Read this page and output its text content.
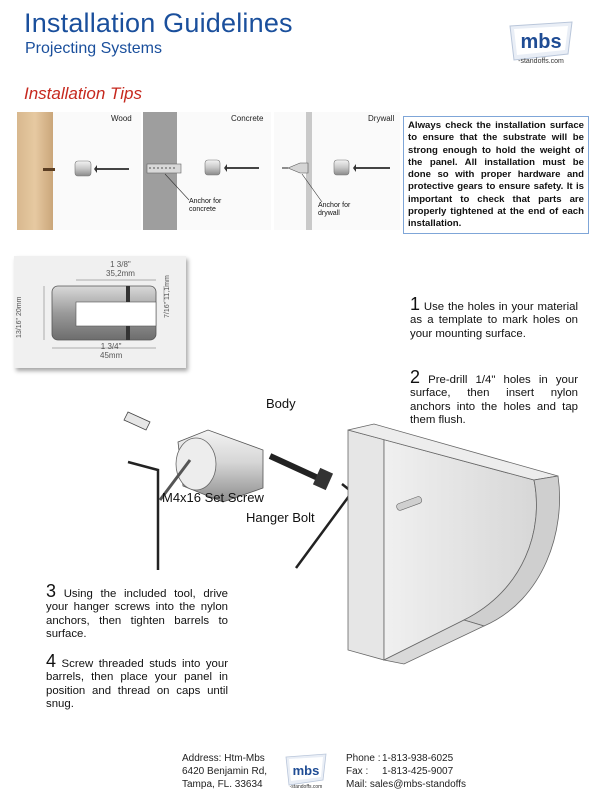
Installation Guidelines
Projecting Systems	mbs
-standoffs.com
Installation Tips
Wood	Concrete
Anchor for
concrete
Drywall
Anchor for
drywall
Always check the installation surface to ensure that the substrate will be strong enough to hold the weight of the panel. All installation must be done so with proper hardware and protective gears to ensure safety. It is important to check that parts are properly tightened at the end of each installation.
1 3/8"
35,2mm
1 3/4"
45mm
7/16" 11,1mm
13/16" 20mm	1 Use the holes in your material as a template to mark holes on your mounting surface.
2 Pre-drill 1/4" holes in your surface, then insert nylon anchors into the holes and tap them flush.
Body
M4x16 Set Screw
Hanger Bolt
3 Using the included tool, drive your hanger screws into the nylon anchors, then tighten barrels to surface.
4 Screw threaded studs into your barrels, then place your panel in position and thread on caps until snug.
Address: Htm-Mbs
6420 Benjamin Rd,
Tampa, FL. 33634
mbs
-standoffs.com
Phone : 1-813-938-6025
Fax : 1-813-425-9007
Mail: sales@mbs-standoffs
